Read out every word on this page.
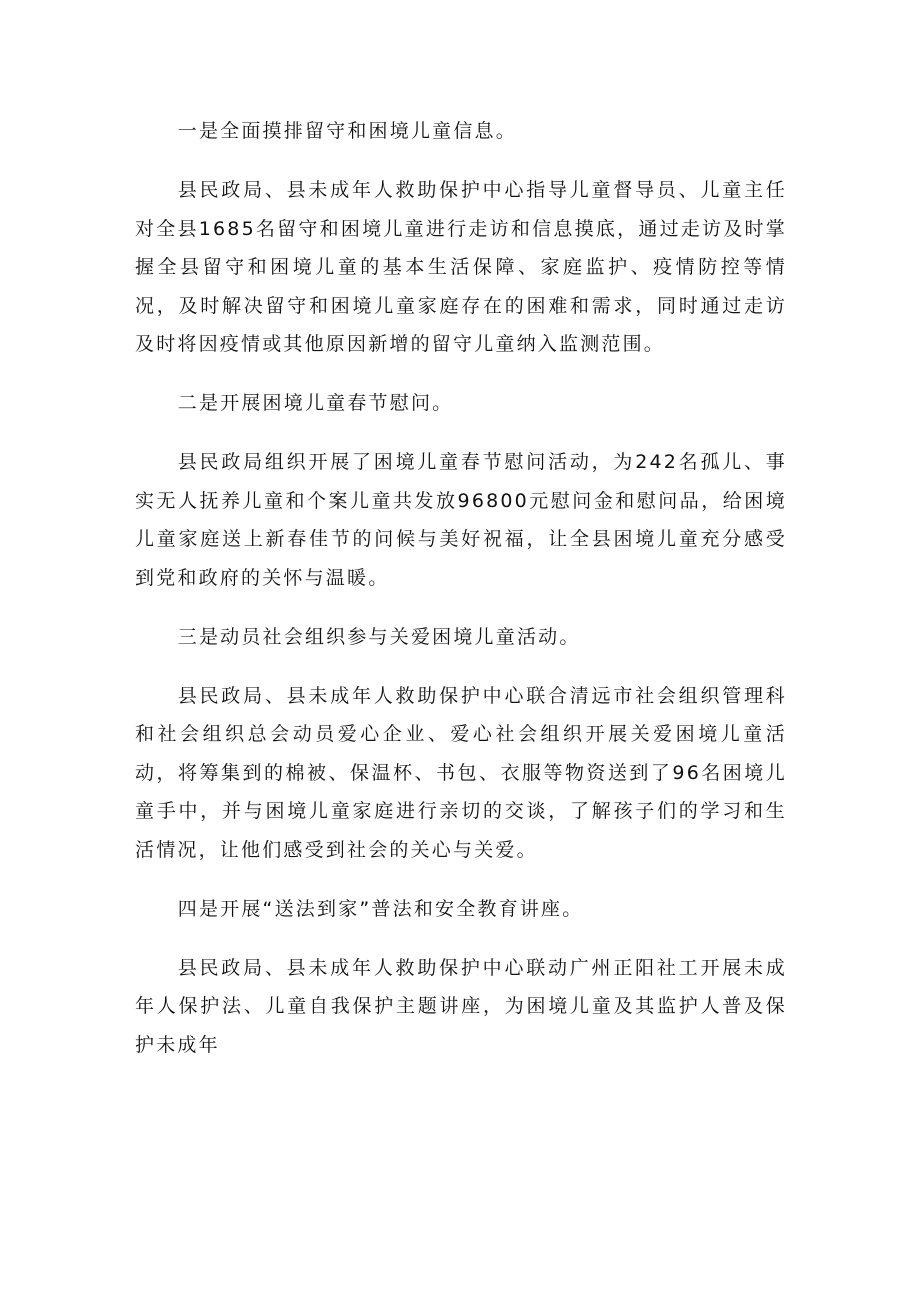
一是全面摸排留守和困境儿童信息。

县民政局、县未成年人救助保护中心指导儿童督导员、儿童主任对全县1685名留守和困境儿童进行走访和信息摸底，通过走访及时掌握全县留守和困境儿童的基本生活保障、家庭监护、疫情防控等情况，及时解决留守和困境儿童家庭存在的困难和需求，同时通过走访及时将因疫情或其他原因新增的留守儿童纳入监测范围。

二是开展困境儿童春节慰问。

县民政局组织开展了困境儿童春节慰问活动，为242名孤儿、事实无人抚养儿童和个案儿童共发放96800元慰问金和慰问品，给困境儿童家庭送上新春佳节的问候与美好祝福，让全县困境儿童充分感受到党和政府的关怀与温暖。

三是动员社会组织参与关爱困境儿童活动。

县民政局、县未成年人救助保护中心联合清远市社会组织管理科和社会组织总会动员爱心企业、爱心社会组织开展关爱困境儿童活动，将筹集到的棉被、保温杯、书包、衣服等物资送到了96名困境儿童手中，并与困境儿童家庭进行亲切的交谈，了解孩子们的学习和生活情况，让他们感受到社会的关心与关爱。

四是开展“送法到家”普法和安全教育讲座。

县民政局、县未成年人救助保护中心联动广州正阳社工开展未成年人保护法、儿童自我保护主题讲座，为困境儿童及其监护人普及保护未成年
